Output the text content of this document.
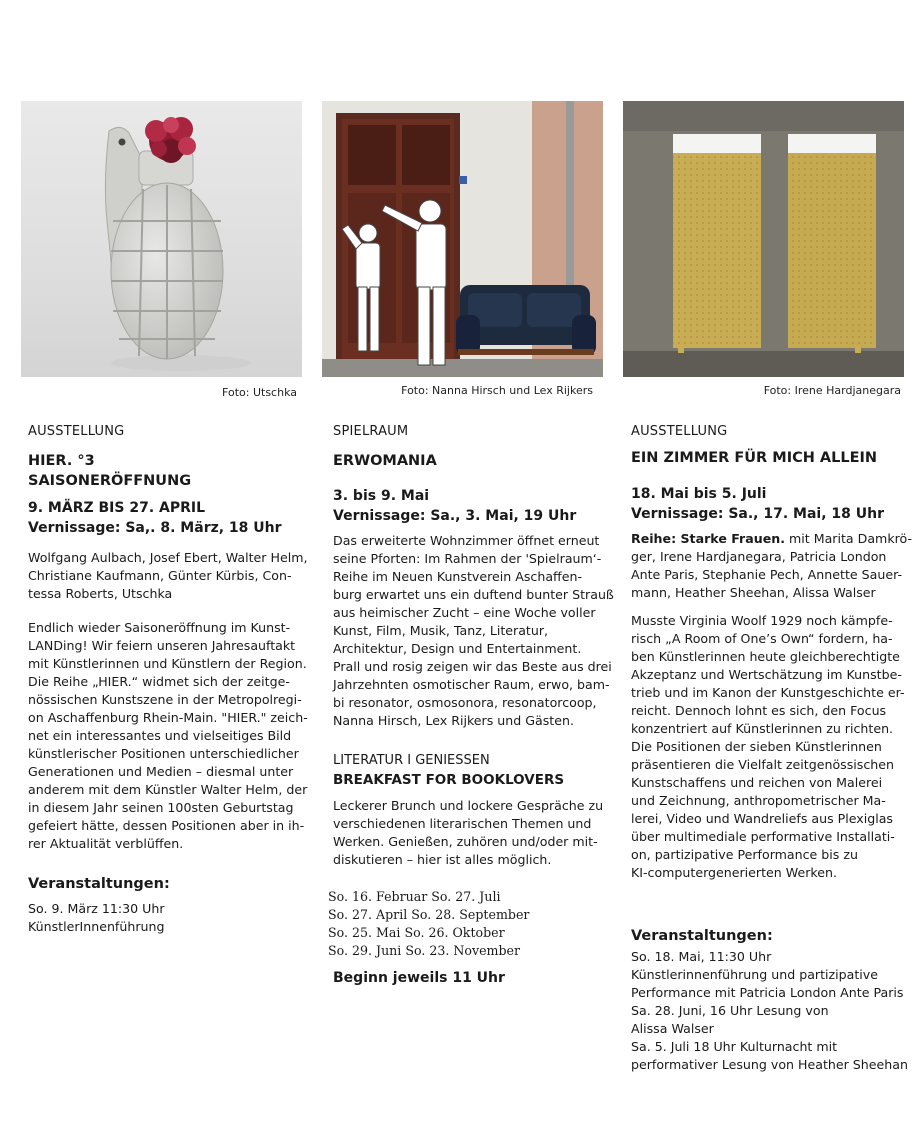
Foto: Utschka	Foto: Nanna Hirsch und Lex Rijkers	Foto: Irene Hardjanegara

AUSSTELLUNG

HIER. °3

SAISONERÖFFNUNG

9. MÄRZ BIS 27. APRIL

Vernissage: Sa,. 8. März, 18 Uhr

Wolfgang Aulbach, Josef Ebert, Walter Helm,

Christiane Kaufmann, Günter Kürbis, Con-

tessa Roberts, Utschka

Endlich wieder Saisoneröffnung im Kunst-

LANDing! Wir feiern unseren Jahresauftakt

mit Künstlerinnen und Künstlern der Region.

Die Reihe „HIER.“ widmet sich der zeitge-

nössischen Kunstszene in der Metropolregi-

on Aschaffenburg Rhein-Main. "HIER." zeich-

net ein interessantes und vielseitiges Bild

künstlerischer Positionen unterschiedlicher

Generationen und Medien – diesmal unter

anderem mit dem Künstler Walter Helm, der

in diesem Jahr seinen 100sten Geburtstag

gefeiert hätte, dessen Positionen aber in ih-

rer Aktualität verblüffen.

Veranstaltungen:

So. 9. März 11:30 Uhr

KünstlerInnenführung

SPIELRAUM

ERWOMANIA

3. bis 9. Mai

Vernissage: Sa., 3. Mai, 19 Uhr

Das erweiterte Wohnzimmer öffnet erneut

seine Pforten: Im Rahmen der 'Spielraum‘-

Reihe im Neuen Kunstverein Aschaffen-

burg erwartet uns ein duftend bunter Strauß

aus heimischer Zucht – eine Woche voller

Kunst, Film, Musik, Tanz, Literatur,

Architektur, Design und Entertainment.

Prall und rosig zeigen wir das Beste aus drei

Jahrzehnten osmotischer Raum, erwo, bam-

bi resonator, osmosonora, resonatorcoop,

Nanna Hirsch, Lex Rijkers und Gästen.

LITERATUR I GENIESSEN

BREAKFAST FOR BOOKLOVERS

Leckerer Brunch und lockere Gespräche zu

verschiedenen literarischen Themen und

Werken. Genießen, zuhören und/oder mit-

diskutieren – hier ist alles möglich.

So. 16. Februar So. 27. Juli

So. 27. April So. 28. September

So. 25. Mai So. 26. Oktober

So. 29. Juni So. 23. November

Beginn jeweils 11 Uhr

AUSSTELLUNG

EIN ZIMMER FÜR MICH ALLEIN

18. Mai bis 5. Juli

Vernissage: Sa., 17. Mai, 18 Uhr

Reihe: Starke Frauen. mit Marita Damkrö-

ger, Irene Hardjanegara, Patricia London

Ante Paris, Stephanie Pech, Annette Sauer-

mann, Heather Sheehan, Alissa Walser

Musste Virginia Woolf 1929 noch kämpfe-

risch „A Room of One’s Own“ fordern, ha-

ben Künstlerinnen heute gleichberechtigte

Akzeptanz und Wertschätzung im Kunstbe-

trieb und im Kanon der Kunstgeschichte er-

reicht. Dennoch lohnt es sich, den Focus

konzentriert auf Künstlerinnen zu richten.

Die Positionen der sieben Künstlerinnen

präsentieren die Vielfalt zeitgenössischen

Kunstschaffens und reichen von Malerei

und Zeichnung, anthropometrischer Ma-

lerei, Video und Wandreliefs aus Plexiglas

über multimediale performative Installati-

on, partizipative Performance bis zu

KI-computergenerierten Werken.

Veranstaltungen:

So. 18. Mai, 11:30 Uhr

Künstlerinnenführung und partizipative

Performance mit Patricia London Ante Paris

Sa. 28. Juni, 16 Uhr Lesung von

Alissa Walser

Sa. 5. Juli 18 Uhr Kulturnacht mit

performativer Lesung von Heather Sheehan
